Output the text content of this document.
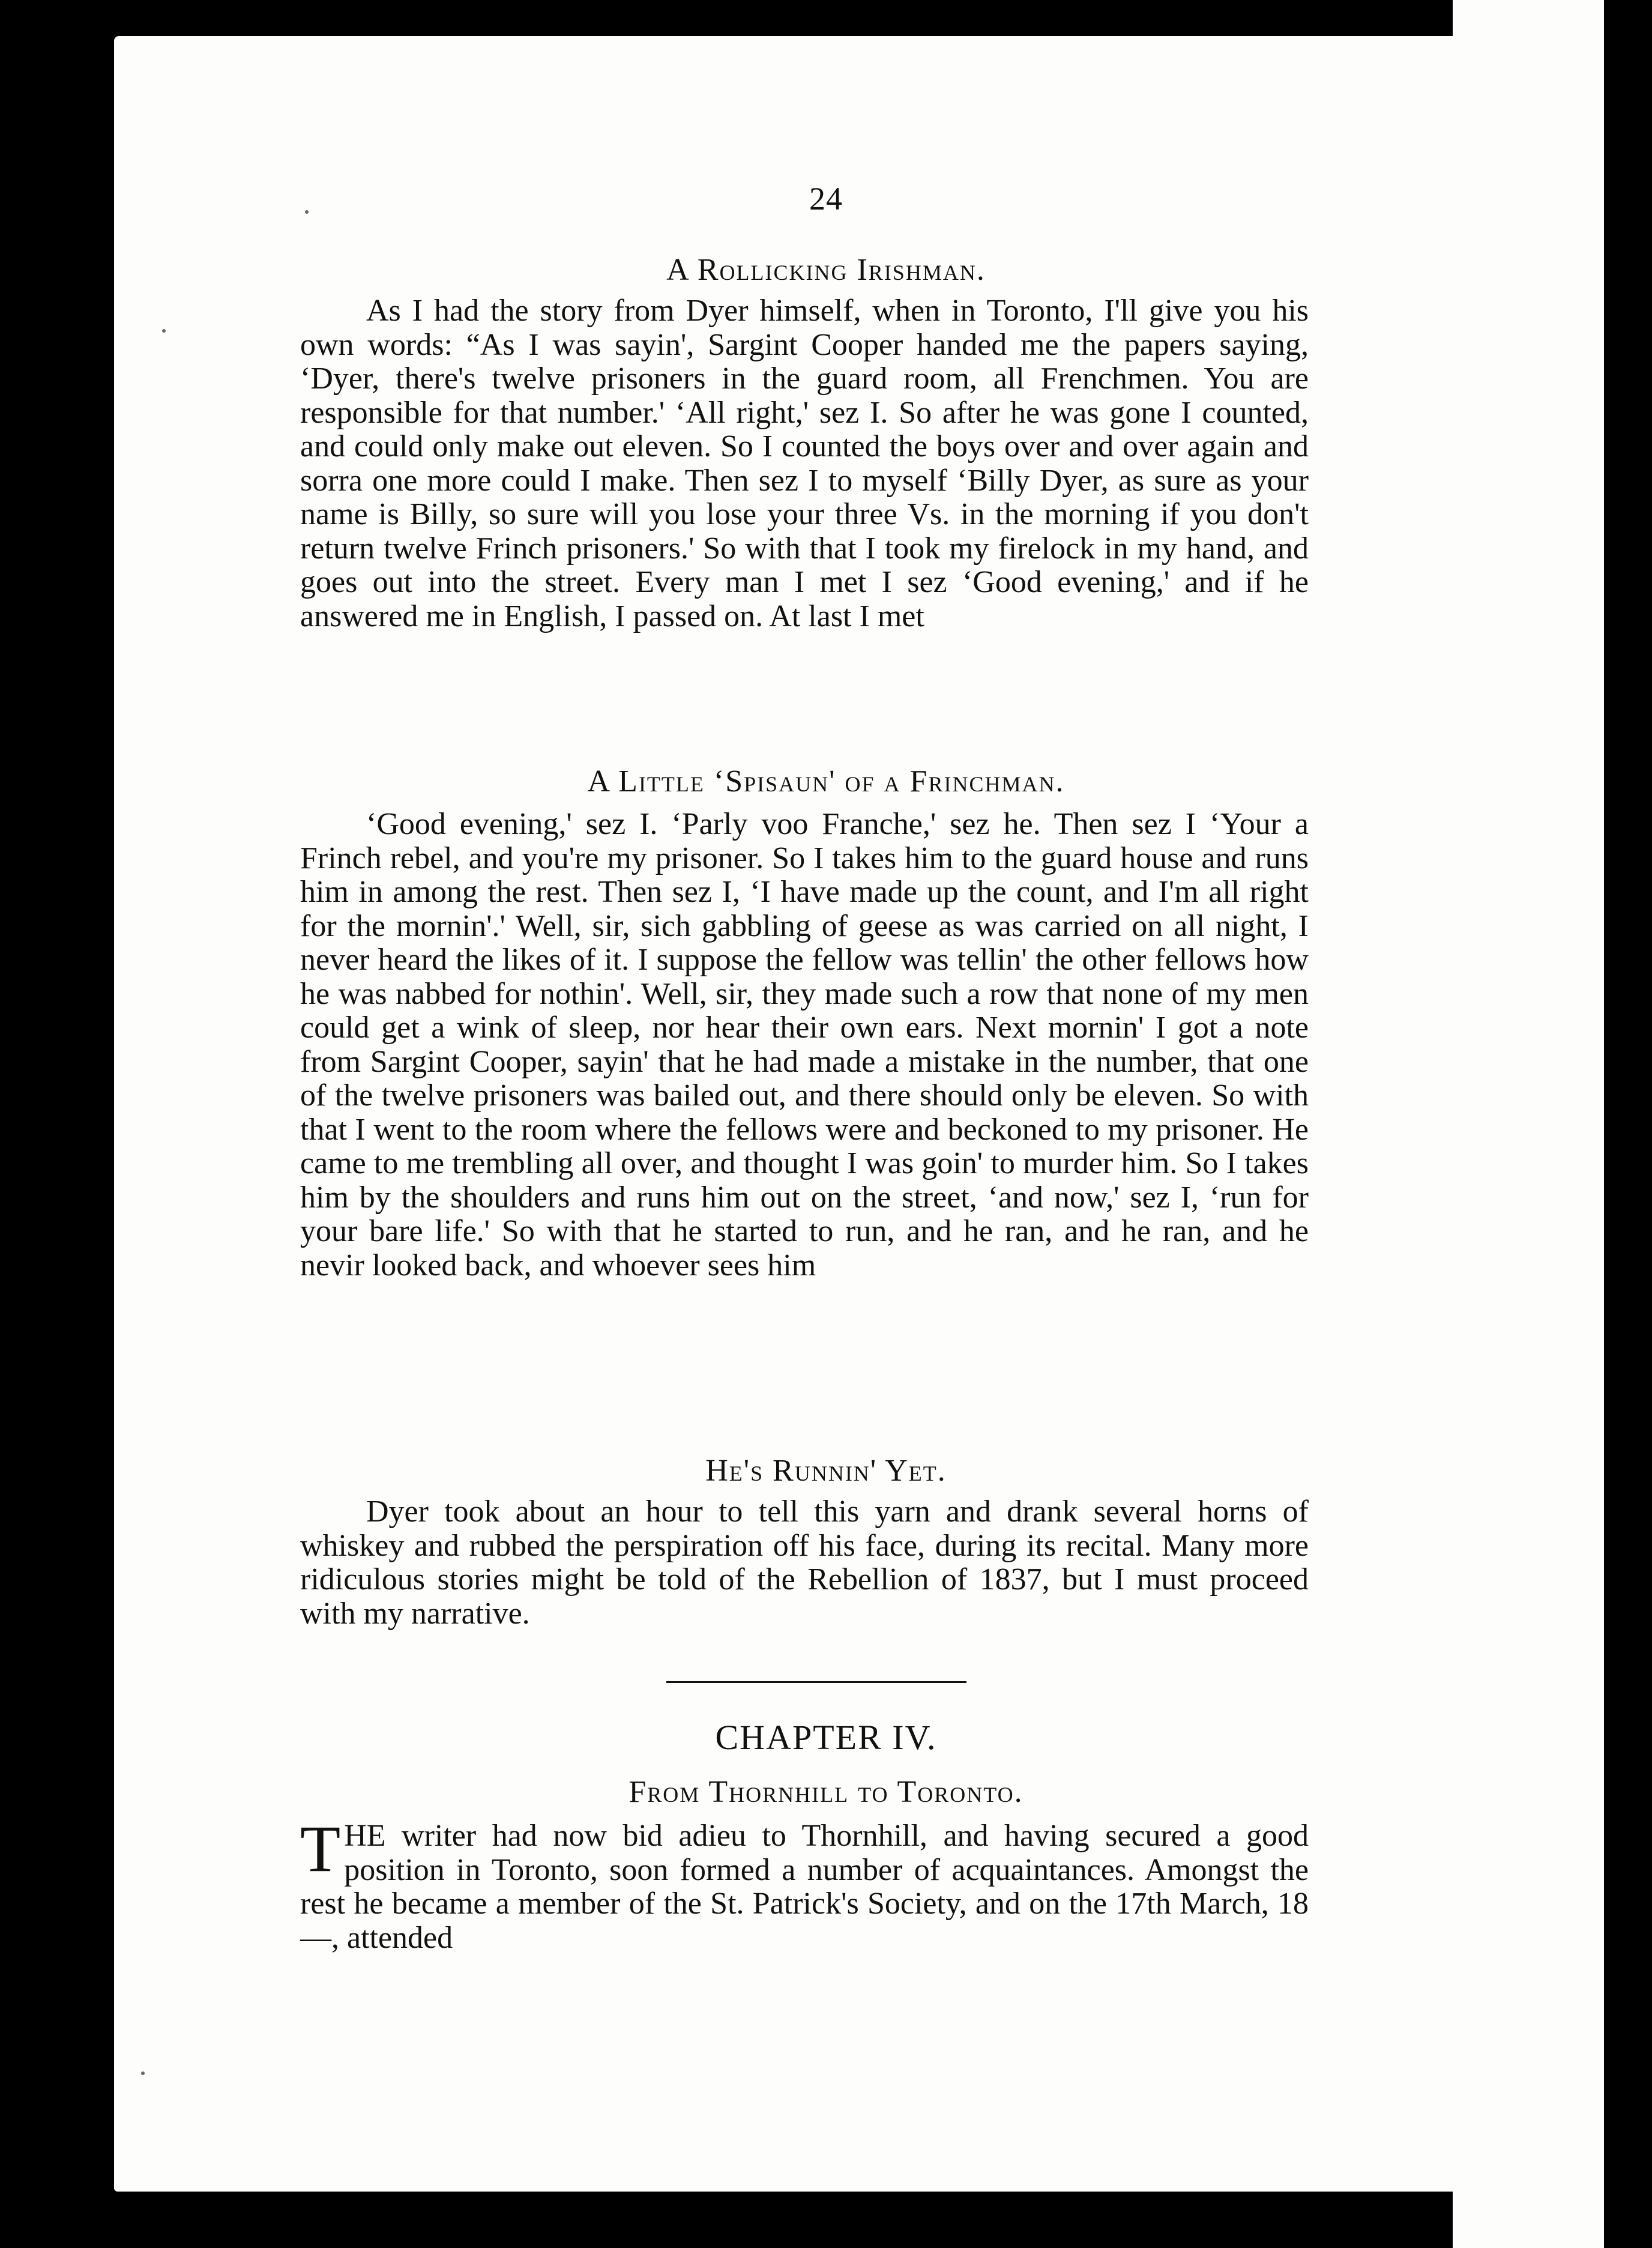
24
A Rollicking Irishman.

As I had the story from Dyer himself, when in Toronto, I'll give you his own words: “As I was sayin', Sargint Cooper handed me the papers saying, ‘Dyer, there's twelve prisoners in the guard room, all Frenchmen. You are responsible for that number.' ‘All right,' sez I. So after he was gone I counted, and could only make out eleven. So I counted the boys over and over again and sorra one more could I make. Then sez I to myself ‘Billy Dyer, as sure as your name is Billy, so sure will you lose your three Vs. in the morning if you don't return twelve Frinch prisoners.' So with that I took my firelock in my hand, and goes out into the street. Every man I met I sez ‘Good evening,' and if he answered me in English, I passed on. At last I met

A Little ‘Spisaun' of a Frinchman.

‘Good evening,' sez I. ‘Parly voo Franche,' sez he. Then sez I ‘Your a Frinch rebel, and you're my prisoner. So I takes him to the guard house and runs him in among the rest. Then sez I, ‘I have made up the count, and I'm all right for the mornin'.' Well, sir, sich gabbling of geese as was carried on all night, I never heard the likes of it. I suppose the fellow was tellin' the other fellows how he was nabbed for nothin'. Well, sir, they made such a row that none of my men could get a wink of sleep, nor hear their own ears. Next mornin' I got a note from Sargint Cooper, sayin' that he had made a mistake in the number, that one of the twelve prisoners was bailed out, and there should only be eleven. So with that I went to the room where the fellows were and beckoned to my prisoner. He came to me trembling all over, and thought I was goin' to murder him. So I takes him by the shoulders and runs him out on the street, ‘and now,' sez I, ‘run for your bare life.' So with that he started to run, and he ran, and he ran, and he nevir looked back, and whoever sees him

He's Runnin' Yet.

Dyer took about an hour to tell this yarn and drank several horns of whiskey and rubbed the perspiration off his face, during its recital. Many more ridiculous stories might be told of the Rebellion of 1837, but I must proceed with my narrative.

CHAPTER IV.
From Thornhill to Toronto.

THE writer had now bid adieu to Thornhill, and having secured a good position in Toronto, soon formed a number of acquaintances. Amongst the rest he became a member of the St. Patrick's Society, and on the 17th March, 18—, attended
